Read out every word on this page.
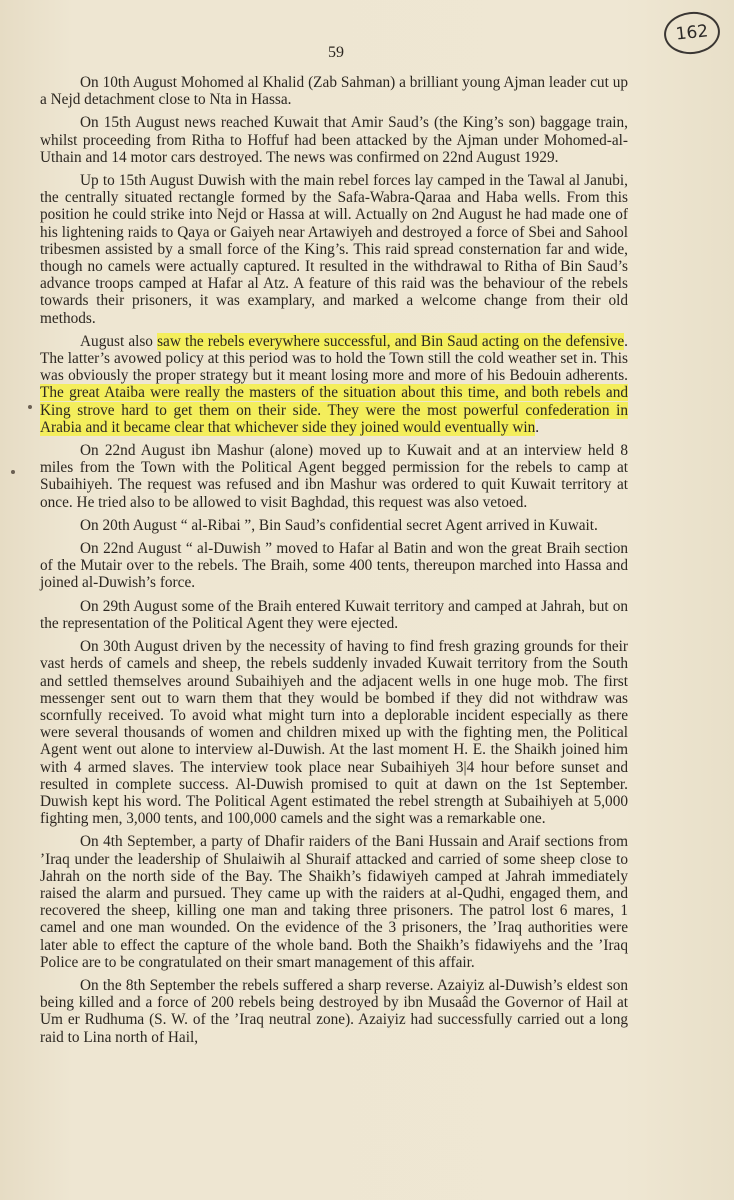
162
59

On 10th August Mohomed al Khalid (Zab Sahman) a brilliant young Ajman leader cut up a Nejd detachment close to Nta in Hassa.

On 15th August news reached Kuwait that Amir Saud’s (the King’s son) baggage train, whilst proceeding from Ritha to Hoffuf had been attacked by the Ajman under Mohomed-al-Uthain and 14 motor cars destroyed. The news was confirmed on 22nd August 1929.

Up to 15th August Duwish with the main rebel forces lay camped in the Tawal al Janubi, the centrally situated rectangle formed by the Safa-Wabra-Qaraa and Haba wells. From this position he could strike into Nejd or Hassa at will. Actually on 2nd August he had made one of his lightening raids to Qaya or Gaiyeh near Artawiyeh and destroyed a force of Sbei and Sahool tribesmen assisted by a small force of the King’s. This raid spread consternation far and wide, though no camels were actually captured. It resulted in the withdrawal to Ritha of Bin Saud’s advance troops camped at Hafar al Atz. A feature of this raid was the behaviour of the rebels towards their prisoners, it was examplary, and marked a welcome change from their old methods.

August also saw the rebels everywhere successful, and Bin Saud acting on the defensive. The latter’s avowed policy at this period was to hold the Town still the cold weather set in. This was obviously the proper strategy but it meant losing more and more of his Bedouin adherents. The great Ataiba were really the masters of the situation about this time, and both rebels and King strove hard to get them on their side. They were the most powerful confederation in Arabia and it became clear that whichever side they joined would eventually win.

On 22nd August ibn Mashur (alone) moved up to Kuwait and at an interview held 8 miles from the Town with the Political Agent begged permission for the rebels to camp at Subaihiyeh. The request was refused and ibn Mashur was ordered to quit Kuwait territory at once. He tried also to be allowed to visit Baghdad, this request was also vetoed.

On 20th August “ al-Ribai ”, Bin Saud’s confidential secret Agent arrived in Kuwait.

On 22nd August “ al-Duwish ” moved to Hafar al Batin and won the great Braih section of the Mutair over to the rebels. The Braih, some 400 tents, thereupon marched into Hassa and joined al-Duwish’s force.

On 29th August some of the Braih entered Kuwait territory and camped at Jahrah, but on the representation of the Political Agent they were ejected.

On 30th August driven by the necessity of having to find fresh grazing grounds for their vast herds of camels and sheep, the rebels suddenly invaded Kuwait territory from the South and settled themselves around Subaihiyeh and the adjacent wells in one huge mob. The first messenger sent out to warn them that they would be bombed if they did not withdraw was scornfully received. To avoid what might turn into a deplorable incident especially as there were several thousands of women and children mixed up with the fighting men, the Political Agent went out alone to interview al-Duwish. At the last moment H. E. the Shaikh joined him with 4 armed slaves. The interview took place near Subaihiyeh 3|4 hour before sunset and resulted in complete success. Al-Duwish promised to quit at dawn on the 1st September. Duwish kept his word. The Political Agent estimated the rebel strength at Subaihiyeh at 5,000 fighting men, 3,000 tents, and 100,000 camels and the sight was a remarkable one.

On 4th September, a party of Dhafir raiders of the Bani Hussain and Araif sections from ’Iraq under the leadership of Shulaiwih al Shuraif attacked and carried of some sheep close to Jahrah on the north side of the Bay. The Shaikh’s fidawiyeh camped at Jahrah immediately raised the alarm and pursued. They came up with the raiders at al-Qudhi, engaged them, and recovered the sheep, killing one man and taking three prisoners. The patrol lost 6 mares, 1 camel and one man wounded. On the evidence of the 3 prisoners, the ’Iraq authorities were later able to effect the capture of the whole band. Both the Shaikh’s fidawiyehs and the ’Iraq Police are to be congratulated on their smart management of this affair.

On the 8th September the rebels suffered a sharp reverse. Azaiyiz al-Duwish’s eldest son being killed and a force of 200 rebels being destroyed by ibn Musaâd the Governor of Hail at Um er Rudhuma (S. W. of the ’Iraq neutral zone). Azaiyiz had successfully carried out a long raid to Lina north of Hail,
